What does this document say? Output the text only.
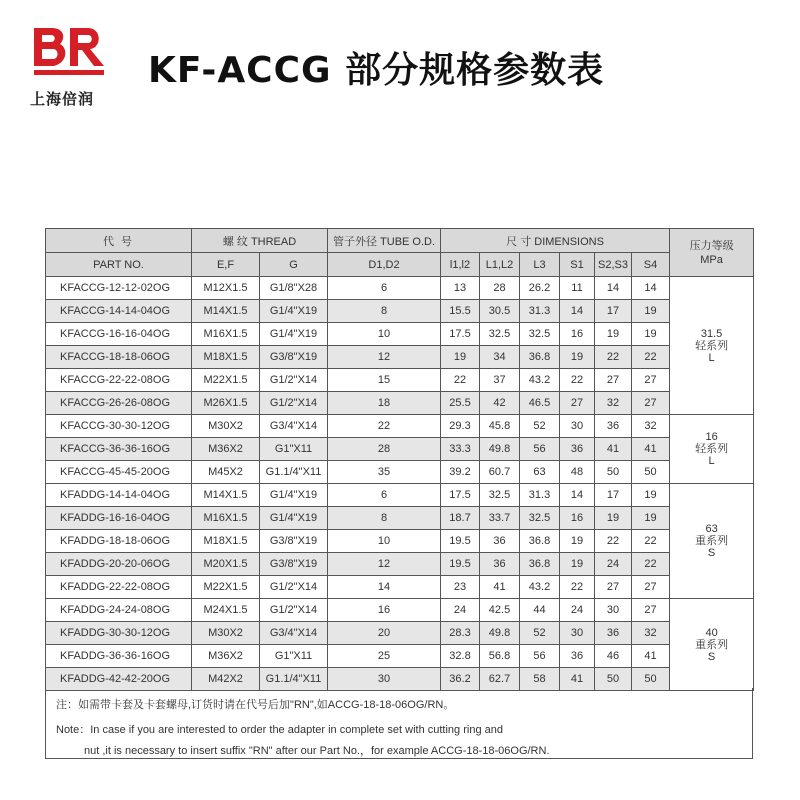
上海倍润
KF-ACCG 部分规格参数表
代 号	螺 纹 THREAD		管子外径 TUBE O.D.	尺 寸 DIMENSIONS						压力等级
MPa
PART NO.	E,F	G	D1,D2	l1,l2	L1,L2	L3	S1	S2,S3	S4	
KFACCG-12-12-02OG	M12X1.5	G1/8"X28	6	13	28	26.2	11	14	14	31.5
轻系列
L
KFACCG-14-14-04OG	M14X1.5	G1/4"X19	8	15.5	30.5	31.3	14	17	19	
KFACCG-16-16-04OG	M16X1.5	G1/4"X19	10	17.5	32.5	32.5	16	19	19	
KFACCG-18-18-06OG	M18X1.5	G3/8"X19	12	19	34	36.8	19	22	22	
KFACCG-22-22-08OG	M22X1.5	G1/2"X14	15	22	37	43.2	22	27	27	
KFACCG-26-26-08OG	M26X1.5	G1/2"X14	18	25.5	42	46.5	27	32	27	
KFACCG-30-30-12OG	M30X2	G3/4"X14	22	29.3	45.8	52	30	36	32	16
轻系列
L
KFACCG-36-36-16OG	M36X2	G1"X11	28	33.3	49.8	56	36	41	41	
KFACCG-45-45-20OG	M45X2	G1.1/4"X11	35	39.2	60.7	63	48	50	50	
KFADDG-14-14-04OG	M14X1.5	G1/4"X19	6	17.5	32.5	31.3	14	17	19	63
重系列
S
KFADDG-16-16-04OG	M16X1.5	G1/4"X19	8	18.7	33.7	32.5	16	19	19	
KFADDG-18-18-06OG	M18X1.5	G3/8"X19	10	19.5	36	36.8	19	22	22	
KFADDG-20-20-06OG	M20X1.5	G3/8"X19	12	19.5	36	36.8	19	24	22	
KFADDG-22-22-08OG	M22X1.5	G1/2"X14	14	23	41	43.2	22	27	27	
KFADDG-24-24-08OG	M24X1.5	G1/2"X14	16	24	42.5	44	24	30	27	40
重系列
S
KFADDG-30-30-12OG	M30X2	G3/4"X14	20	28.3	49.8	52	30	36	32	
KFADDG-36-36-16OG	M36X2	G1"X11	25	32.8	56.8	56	36	46	41	
KFADDG-42-42-20OG	M42X2	G1.1/4"X11	30	36.2	62.7	58	41	50	50	
注：如需带卡套及卡套螺母,订货时请在代号后加"RN",如ACCG-18-18-06OG/RN。
Note：In case if you are interested to order the adapter in complete set with cutting ring and
nut ,it is necessary to insert suffix "RN" after our Part No.，for example ACCG-18-18-06OG/RN.
